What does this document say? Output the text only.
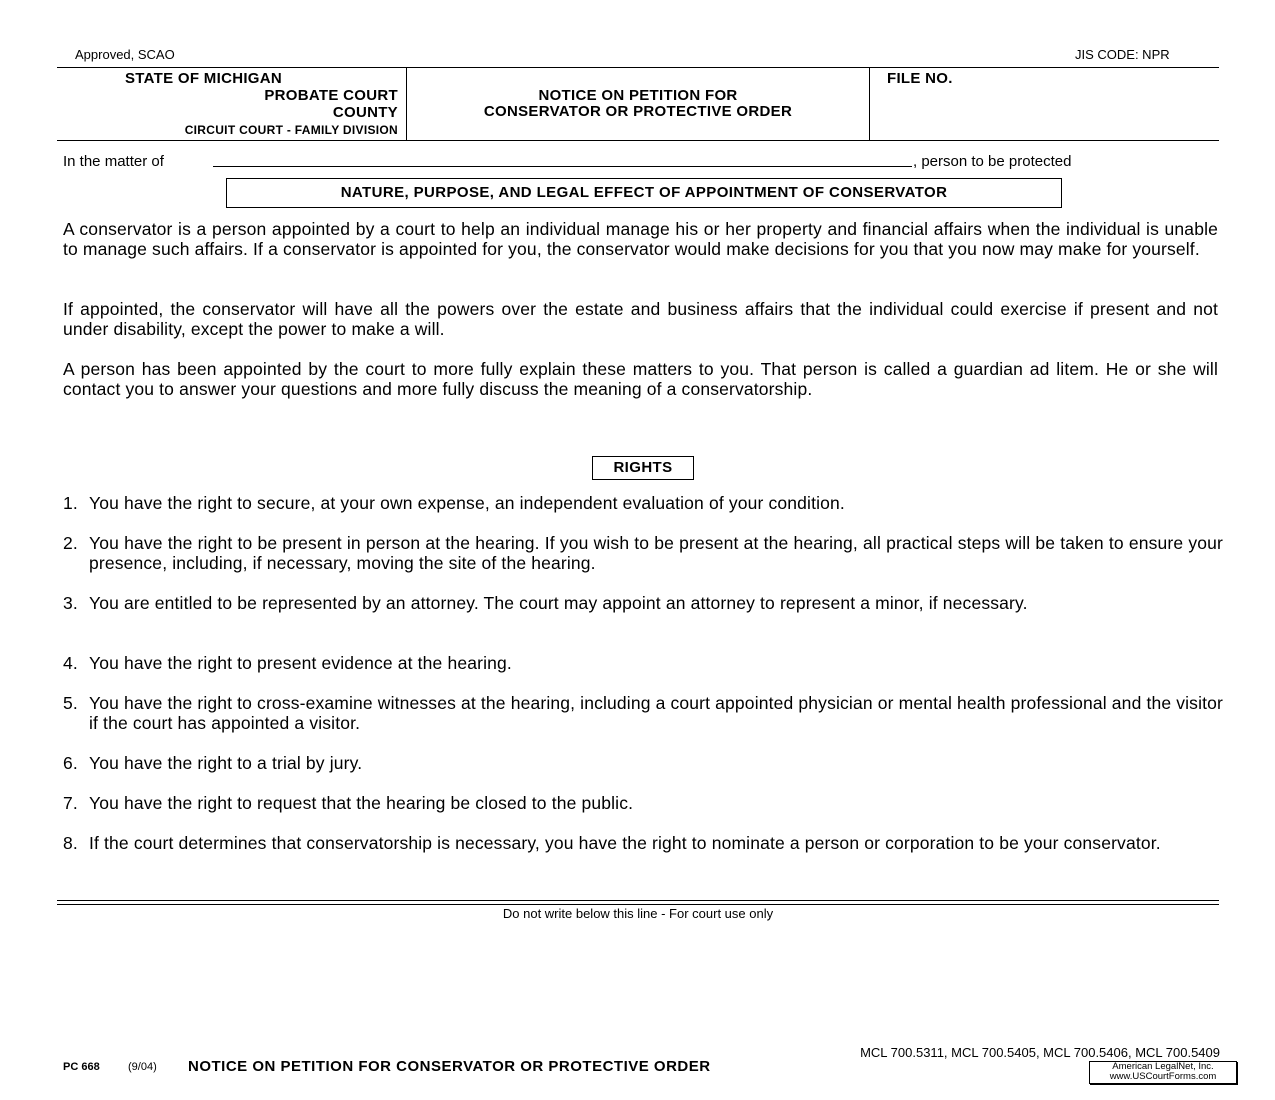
Approved, SCAO	JIS CODE: NPR
STATE OF MICHIGAN
PROBATE COURT
COUNTY
CIRCUIT COURT - FAMILY DIVISION
NOTICE ON PETITION FOR
CONSERVATOR OR PROTECTIVE ORDER
FILE NO.
In the matter of	, person to be protected
NATURE, PURPOSE, AND LEGAL EFFECT OF APPOINTMENT OF CONSERVATOR
A conservator is a person appointed by a court to help an individual manage his or her property and financial affairs when the individual is unable to manage such affairs. If a conservator is appointed for you, the conservator would make decisions for you that you now may make for yourself.
If appointed, the conservator will have all the powers over the estate and business affairs that the individual could exercise if present and not under disability, except the power to make a will.
A person has been appointed by the court to more fully explain these matters to you. That person is called a guardian ad litem. He or she will contact you to answer your questions and more fully discuss the meaning of a conservatorship.
RIGHTS
1. You have the right to secure, at your own expense, an independent evaluation of your condition.
2. You have the right to be present in person at the hearing. If you wish to be present at the hearing, all practical steps will be taken to ensure your presence, including, if necessary, moving the site of the hearing.
3. You are entitled to be represented by an attorney. The court may appoint an attorney to represent a minor, if necessary.
4. You have the right to present evidence at the hearing.
5. You have the right to cross-examine witnesses at the hearing, including a court appointed physician or mental health professional and the visitor if the court has appointed a visitor.
6. You have the right to a trial by jury.
7. You have the right to request that the hearing be closed to the public.
8. If the court determines that conservatorship is necessary, you have the right to nominate a person or corporation to be your conservator.
Do not write below this line - For court use only
MCL 700.5311, MCL 700.5405, MCL 700.5406, MCL 700.5409
PC 668	(9/04) NOTICE ON PETITION FOR CONSERVATOR OR PROTECTIVE ORDER	American LegalNet, Inc.
www.USCourtForms.com
